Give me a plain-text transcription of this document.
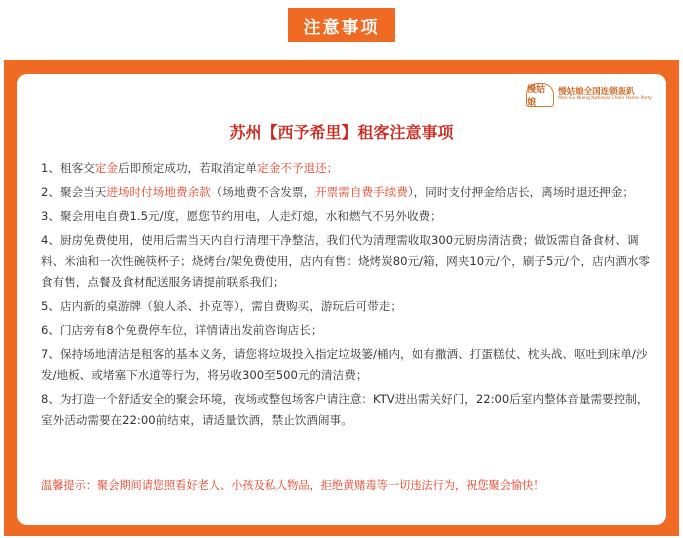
注意事项
慢姑娘
慢姑娘全国连锁轰趴
Man Gu Niang National Chain Home Party
苏州【西予希里】租客注意事项
1、租客交定金后即预定成功，若取消定单定金不予退还；
2、聚会当天进场时付场地费余款（场地费不含发票，开票需自费手续费），同时支付押金给店长，离场时退还押金；
3、聚会用电自费1.5元/度，愿您节约用电，人走灯熄，水和燃气不另外收费；
4、厨房免费使用，使用后需当天内自行清理干净整洁，我们代为清理需收取300元厨房清洁费；做饭需自备食材、调料、米油和一次性碗筷杯子；烧烤台/架免费使用，店内有售：烧烤炭80元/箱，网夹10元/个，刷子5元/个，店内酒水零食有售，点餐及食材配送服务请提前联系我们；
5、店内新的桌游牌（狼人杀、扑克等），需自费购买，游玩后可带走；
6、门店旁有8个免费停车位，详情请出发前咨询店长；
7、保持场地清洁是租客的基本义务，请您将垃圾投入指定垃圾篓/桶内，如有撒酒、打蛋糕仗、枕头战、呕吐到床单/沙发/地板、或堵塞下水道等行为，将另收300至500元的清洁费；
8、为打造一个舒适安全的聚会环境，夜场或整包场客户请注意：KTV进出需关好门，22:00后室内整体音量需要控制，室外活动需要在22:00前结束，请适量饮酒，禁止饮酒闹事。
温馨提示：聚会期间请您照看好老人、小孩及私人物品，拒绝黄赌毒等一切违法行为，祝您聚会愉快！
